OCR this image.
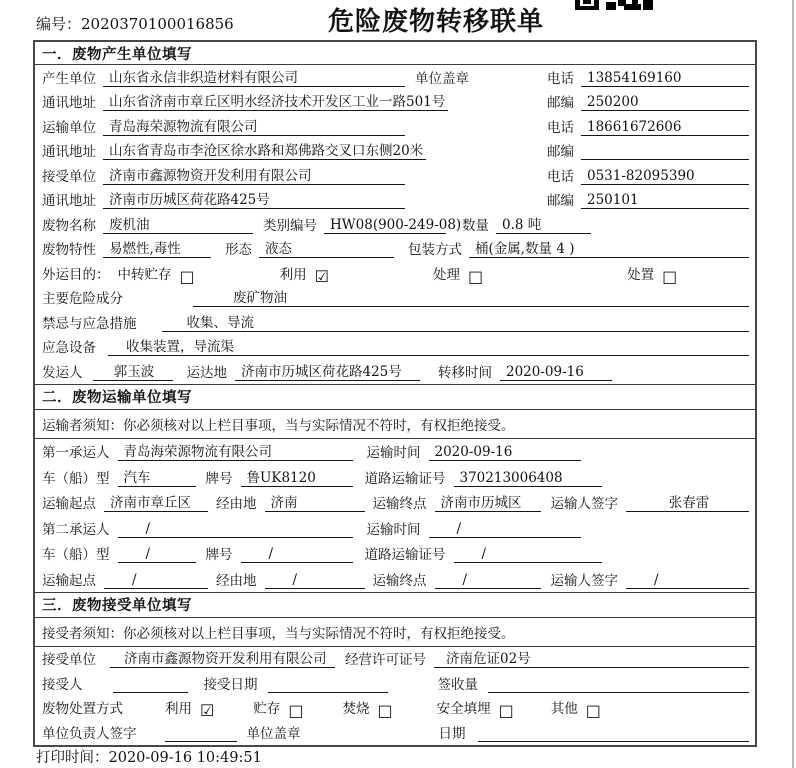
编号：2020370100016856	危险废物转移联单
一．废物产生单位填写
产生单位 山东省永信非织造材料有限公司	单位盖章	电话 13854169160
通讯地址 山东省济南市章丘区明水经济技术开发区工业一路501号	邮编 250200
运输单位 青岛海荣源物流有限公司	电话 18661672606
通讯地址 山东省青岛市李沧区徐水路和郑佛路交叉口东侧20米	邮编
接受单位 济南市鑫源物资开发利用有限公司	电话 0531-82095390
通讯地址 济南市历城区荷花路425号	邮编 250101
废物名称 废机油	类别编号 HW08(900-249-08) 数量 0.8 吨
废物特性 易燃性,毒性	形态 液态	包装方式 桶(金属,数量 4 )
外运目的： 中转贮存 □	利用 ☑	处理 □	处置 □
主要危险成分	废矿物油
禁忌与应急措施	收集、导流
应急设备	收集装置，导流渠
发运人	郭玉波	运达地	济南市历城区荷花路425号	转移时间	2020-09-16
二．废物运输单位填写
运输者须知：你必须核对以上栏目事项，当与实际情况不符时，有权拒绝接受。
第一承运人	青岛海荣源物流有限公司	运输时间	2020-09-16
车（船）型	汽车	牌号	鲁UK8120	道路运输证号	370213006408
运输起点	济南市章丘区	经由地	济南	运输终点	济南市历城区	运输人签字	张春雷
第二承运人	/	运输时间	/
车（船）型	/	牌号	/	道路运输证号	/
运输起点	/	经由地	/	运输终点	/	运输人签字	/
三．废物接受单位填写
接受者须知：你必须核对以上栏目事项，当与实际情况不符时，有权拒绝接受。
接受单位	济南市鑫源物资开发利用有限公司	经营许可证号	济南危证02号
接受人	接受日期	签收量
废物处置方式	利用 ☑	贮存 □	焚烧 □	安全填埋 □	其他 □
单位负责人签字	单位盖章	日期
打印时间：2020-09-16 10:49:51
